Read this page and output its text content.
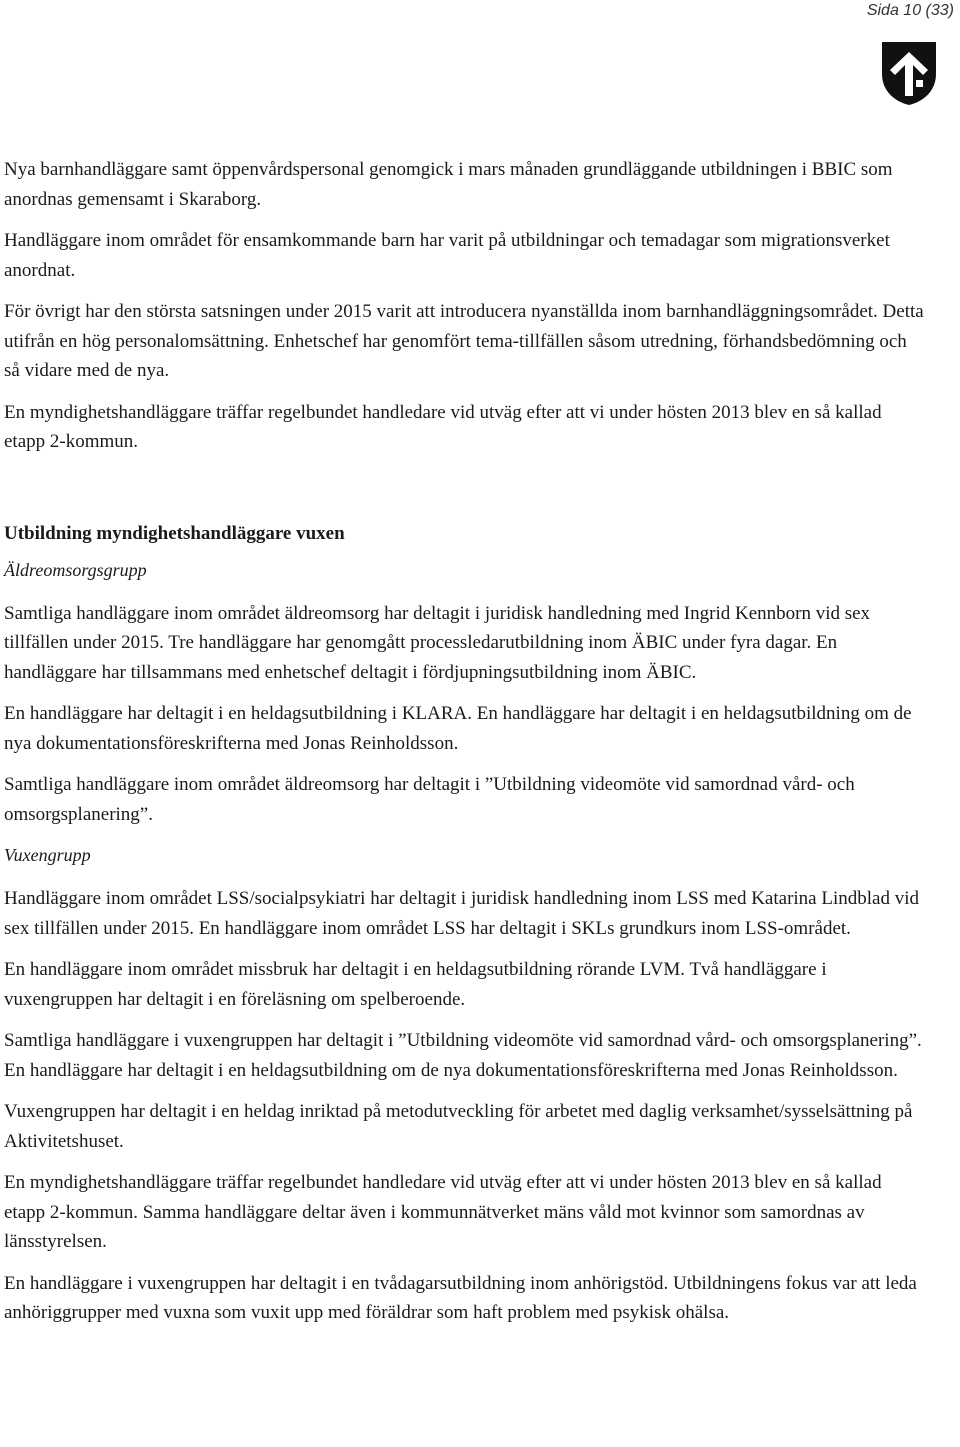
Sida 10 (33)

Nya barnhandläggare samt öppenvårdspersonal genomgick i mars månaden grundläggande utbildningen i BBIC som anordnas gemensamt i Skaraborg.

Handläggare inom området för ensamkommande barn har varit på utbildningar och temadagar som migrationsverket anordnat.

För övrigt har den största satsningen under 2015 varit att introducera nyanställda inom barnhandläggningsområdet. Detta utifrån en hög personalomsättning. Enhetschef har genomfört tema-tillfällen såsom utredning, förhandsbedömning och så vidare med de nya.

En myndighetshandläggare träffar regelbundet handledare vid utväg efter att vi under hösten 2013 blev en så kallad etapp 2-kommun.

Utbildning myndighetshandläggare vuxen
Äldreomsorgsgrupp

Samtliga handläggare inom området äldreomsorg har deltagit i juridisk handledning med Ingrid Kennborn vid sex tillfällen under 2015. Tre handläggare har genomgått processledarutbildning inom ÄBIC under fyra dagar. En handläggare har tillsammans med enhetschef deltagit i fördjupningsutbildning inom ÄBIC.

En handläggare har deltagit i en heldagsutbildning i KLARA. En handläggare har deltagit i en heldagsutbildning om de nya dokumentationsföreskrifterna med Jonas Reinholdsson.

Samtliga handläggare inom området äldreomsorg har deltagit i ”Utbildning videomöte vid samordnad vård- och omsorgsplanering”.

Vuxengrupp

Handläggare inom området LSS/socialpsykiatri har deltagit i juridisk handledning inom LSS med Katarina Lindblad vid sex tillfällen under 2015. En handläggare inom området LSS har deltagit i SKLs grundkurs inom LSS-området.

En handläggare inom området missbruk har deltagit i en heldagsutbildning rörande LVM. Två handläggare i vuxengruppen har deltagit i en föreläsning om spelberoende.

Samtliga handläggare i vuxengruppen har deltagit i ”Utbildning videomöte vid samordnad vård- och omsorgsplanering”. En handläggare har deltagit i en heldagsutbildning om de nya dokumentationsföreskrifterna med Jonas Reinholdsson.

Vuxengruppen har deltagit i en heldag inriktad på metodutveckling för arbetet med daglig verksamhet/sysselsättning på Aktivitetshuset.

En myndighetshandläggare träffar regelbundet handledare vid utväg efter att vi under hösten 2013 blev en så kallad etapp 2-kommun. Samma handläggare deltar även i kommunnätverket mäns våld mot kvinnor som samordnas av länsstyrelsen.

En handläggare i vuxengruppen har deltagit i en tvådagarsutbildning inom anhörigstöd. Utbildningens fokus var att leda anhöriggrupper med vuxna som vuxit upp med föräldrar som haft problem med psykisk ohälsa.
